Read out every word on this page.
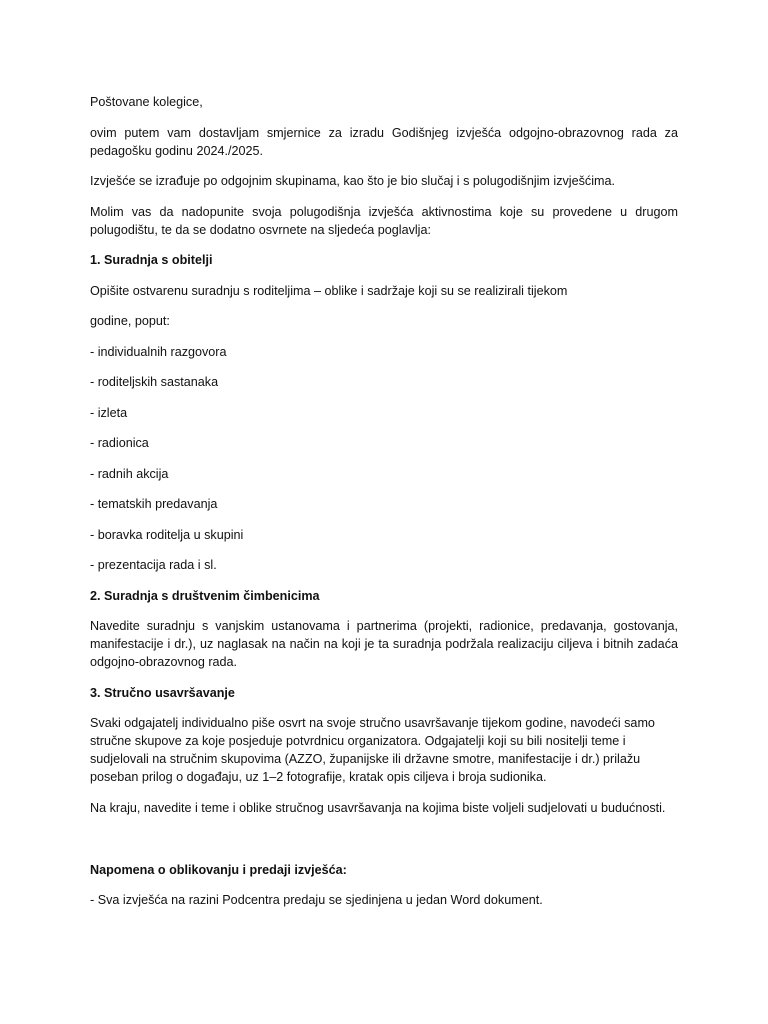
Poštovane kolegice,

ovim putem vam dostavljam smjernice za izradu Godišnjeg izvješća odgojno-obrazovnog rada za pedagošku godinu 2024./2025.

Izvješće se izrađuje po odgojnim skupinama, kao što je bio slučaj i s polugodišnjim izvješćima.

Molim vas da nadopunite svoja polugodišnja izvješća aktivnostima koje su provedene u drugom polugodištu, te da se dodatno osvrnete na sljedeća poglavlja:

1. Suradnja s obitelji

Opišite ostvarenu suradnju s roditeljima – oblike i sadržaje koji su se realizirali tijekom

godine, poput:

- individualnih razgovora

- roditeljskih sastanaka

- izleta

- radionica

- radnih akcija

- tematskih predavanja

- boravka roditelja u skupini

- prezentacija rada i sl.

2. Suradnja s društvenim čimbenicima

Navedite suradnju s vanjskim ustanovama i partnerima (projekti, radionice, predavanja, gostovanja, manifestacije i dr.), uz naglasak na način na koji je ta suradnja podržala realizaciju ciljeva i bitnih zadaća odgojno-obrazovnog rada.

3. Stručno usavršavanje

Svaki odgajatelj individualno piše osvrt na svoje stručno usavršavanje tijekom godine, navodeći samo
stručne skupove za koje posjeduje potvrdnicu organizatora. Odgajatelji koji su bili nositelji teme i
sudjelovali na stručnim skupovima (AZZO, županijske ili državne smotre, manifestacije i dr.) prilažu
poseban prilog o događaju, uz 1–2 fotografije, kratak opis ciljeva i broja sudionika.

Na kraju, navedite i teme i oblike stručnog usavršavanja na kojima biste voljeli sudjelovati u budućnosti.

Napomena o oblikovanju i predaji izvješća:

- Sva izvješća na razini Podcentra predaju se sjedinjena u jedan Word dokument.
